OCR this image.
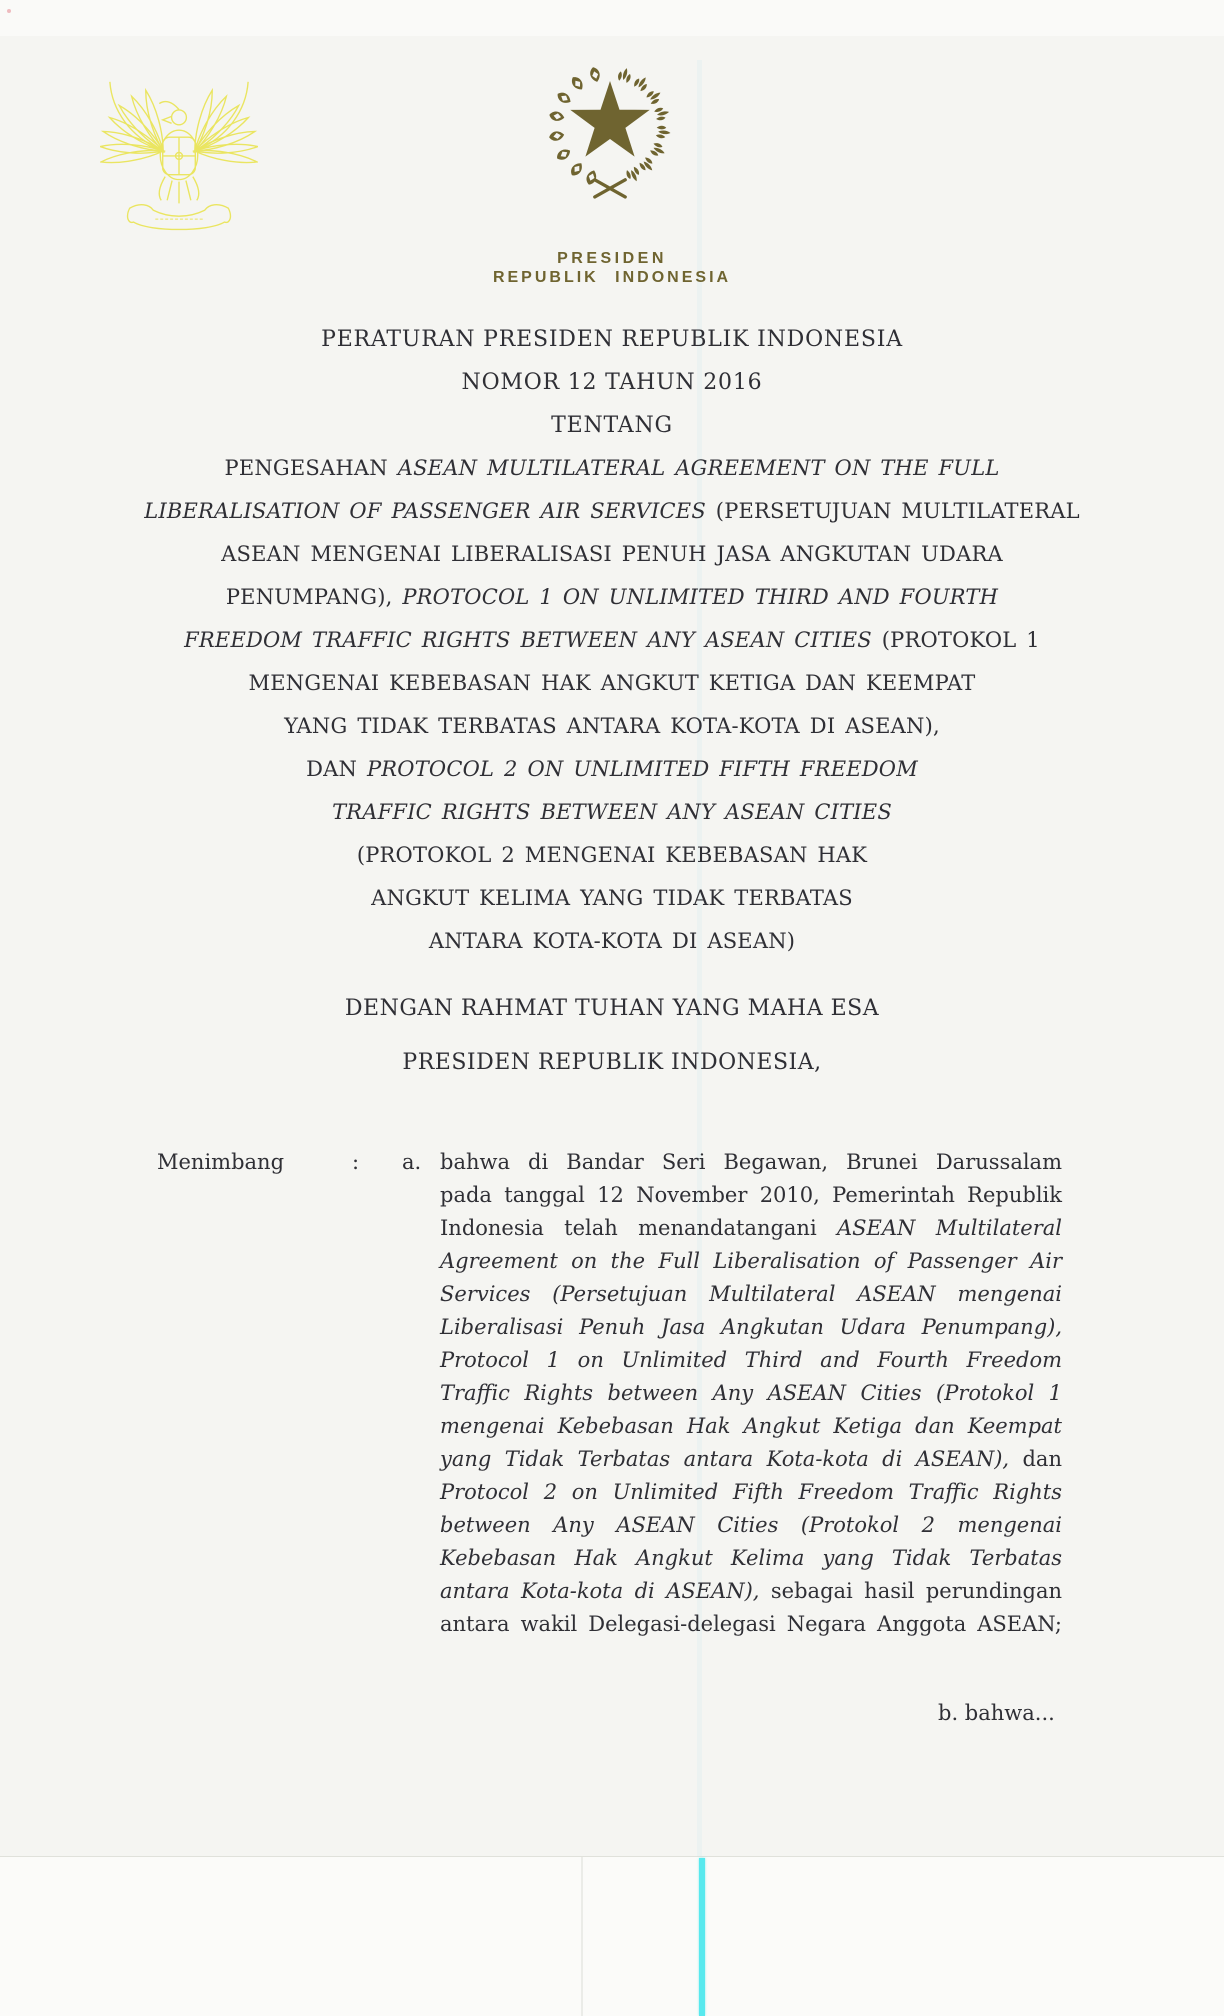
PRESIDEN
REPUBLIK INDONESIA
PERATURAN PRESIDEN REPUBLIK INDONESIA
NOMOR 12 TAHUN 2016
TENTANG
PENGESAHAN ASEAN MULTILATERAL AGREEMENT ON THE FULL
LIBERALISATION OF PASSENGER AIR SERVICES (PERSETUJUAN MULTILATERAL
ASEAN MENGENAI LIBERALISASI PENUH JASA ANGKUTAN UDARA
PENUMPANG), PROTOCOL 1 ON UNLIMITED THIRD AND FOURTH
FREEDOM TRAFFIC RIGHTS BETWEEN ANY ASEAN CITIES (PROTOKOL 1
MENGENAI KEBEBASAN HAK ANGKUT KETIGA DAN KEEMPAT
YANG TIDAK TERBATAS ANTARA KOTA-KOTA DI ASEAN),
DAN PROTOCOL 2 ON UNLIMITED FIFTH FREEDOM
TRAFFIC RIGHTS BETWEEN ANY ASEAN CITIES
(PROTOKOL 2 MENGENAI KEBEBASAN HAK
ANGKUT KELIMA YANG TIDAK TERBATAS
ANTARA KOTA-KOTA DI ASEAN)
DENGAN RAHMAT TUHAN YANG MAHA ESA
PRESIDEN REPUBLIK INDONESIA,
Menimbang	: a. bahwa di Bandar Seri Begawan, Brunei Darussalam
pada tanggal 12 November 2010, Pemerintah Republik
Indonesia telah menandatangani ASEAN Multilateral
Agreement on the Full Liberalisation of Passenger Air
Services (Persetujuan Multilateral ASEAN mengenai
Liberalisasi Penuh Jasa Angkutan Udara Penumpang),
Protocol 1 on Unlimited Third and Fourth Freedom
Traffic Rights between Any ASEAN Cities (Protokol 1
mengenai Kebebasan Hak Angkut Ketiga dan Keempat
yang Tidak Terbatas antara Kota-kota di ASEAN), dan
Protocol 2 on Unlimited Fifth Freedom Traffic Rights
between Any ASEAN Cities (Protokol 2 mengenai
Kebebasan Hak Angkut Kelima yang Tidak Terbatas
antara Kota-kota di ASEAN), sebagai hasil perundingan
antara wakil Delegasi-delegasi Negara Anggota ASEAN;
b. bahwa...
